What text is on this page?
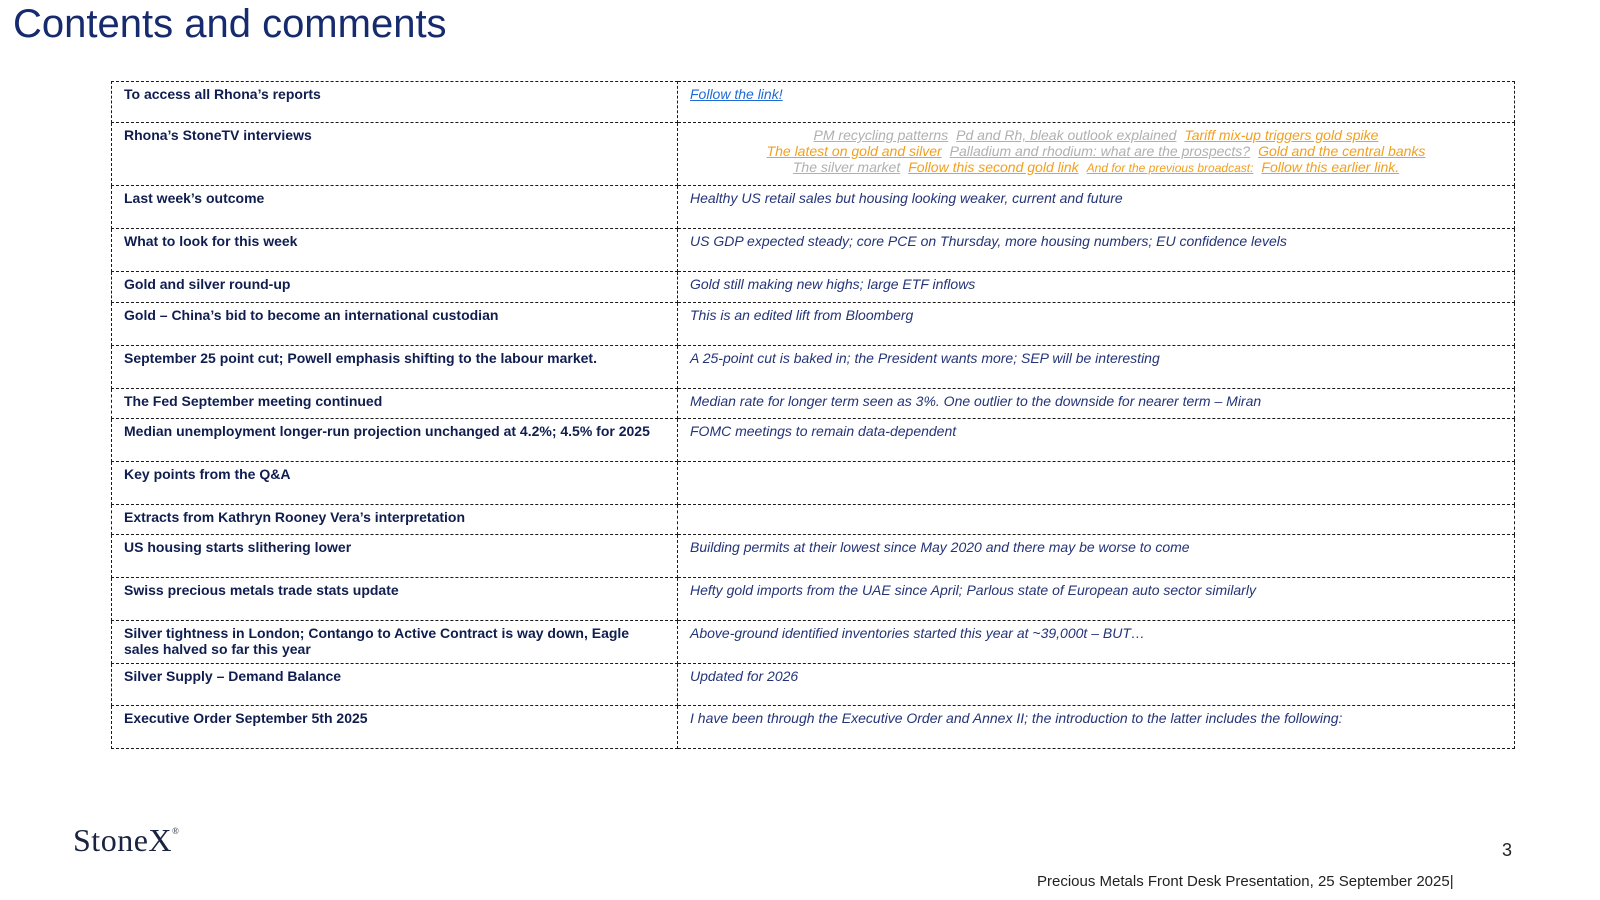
Contents and comments
To access all Rhona’s reports	Follow the link!
Rhona’s StoneTV interviews	PM recycling patterns Pd and Rh, bleak outlook explained Tariff mix-up triggers gold spike
The latest on gold and silver Palladium and rhodium: what are the prospects? Gold and the central banks
The silver market Follow this second gold link And for the previous broadcast: Follow this earlier link.

Last week’s outcome	Healthy US retail sales but housing looking weaker, current and future
What to look for this week	US GDP expected steady; core PCE on Thursday, more housing numbers; EU confidence levels
Gold and silver round-up	Gold still making new highs; large ETF inflows
Gold – China’s bid to become an international custodian	This is an edited lift from Bloomberg
September 25 point cut; Powell emphasis shifting to the labour market.	A 25-point cut is baked in; the President wants more; SEP will be interesting
The Fed September meeting continued	Median rate for longer term seen as 3%. One outlier to the downside for nearer term – Miran
Median unemployment longer-run projection unchanged at 4.2%; 4.5% for 2025	FOMC meetings to remain data-dependent
Key points from the Q&A	
Extracts from Kathryn Rooney Vera’s interpretation	
US housing starts slithering lower	Building permits at their lowest since May 2020 and there may be worse to come
Swiss precious metals trade stats update	Hefty gold imports from the UAE since April; Parlous state of European auto sector similarly
Silver tightness in London; Contango to Active Contract is way down, Eagle sales halved so far this year	Above-ground identified inventories started this year at ~39,000t – BUT…
Silver Supply – Demand Balance	Updated for 2026
Executive Order September 5th 2025	I have been through the Executive Order and Annex II; the introduction to the latter includes the following:
StoneX®
3
Precious Metals Front Desk Presentation, 25 September 2025|
